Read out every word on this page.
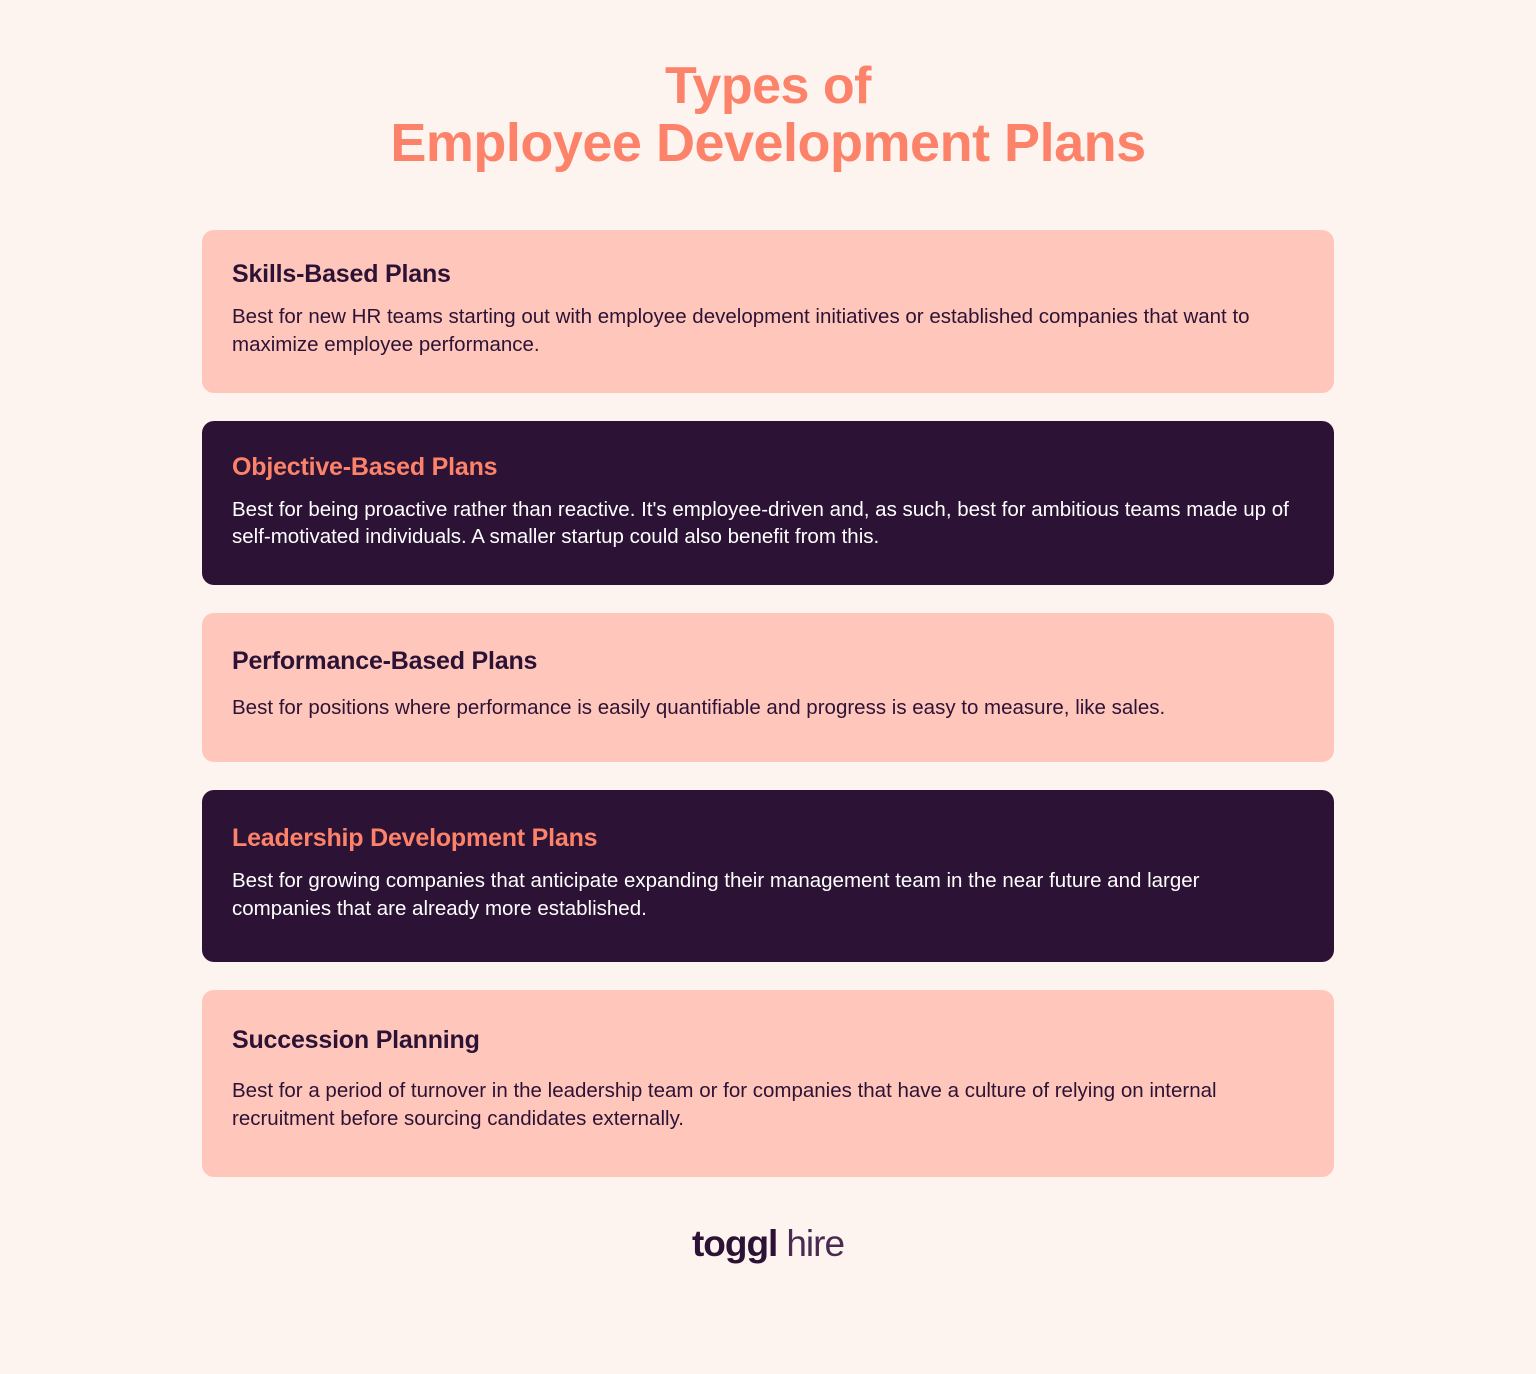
Types of
Employee Development Plans
Skills-Based Plans

Best for new HR teams starting out with employee development initiatives or established companies that want to maximize employee performance.

Objective-Based Plans

Best for being proactive rather than reactive. It's employee-driven and, as such, best for ambitious teams made up of self-motivated individuals. A smaller startup could also benefit from this.

Performance-Based Plans

Best for positions where performance is easily quantifiable and progress is easy to measure, like sales.

Leadership Development Plans

Best for growing companies that anticipate expanding their management team in the near future and larger companies that are already more established.

Succession Planning

Best for a period of turnover in the leadership team or for companies that have a culture of relying on internal recruitment before sourcing candidates externally.

toggl hire
